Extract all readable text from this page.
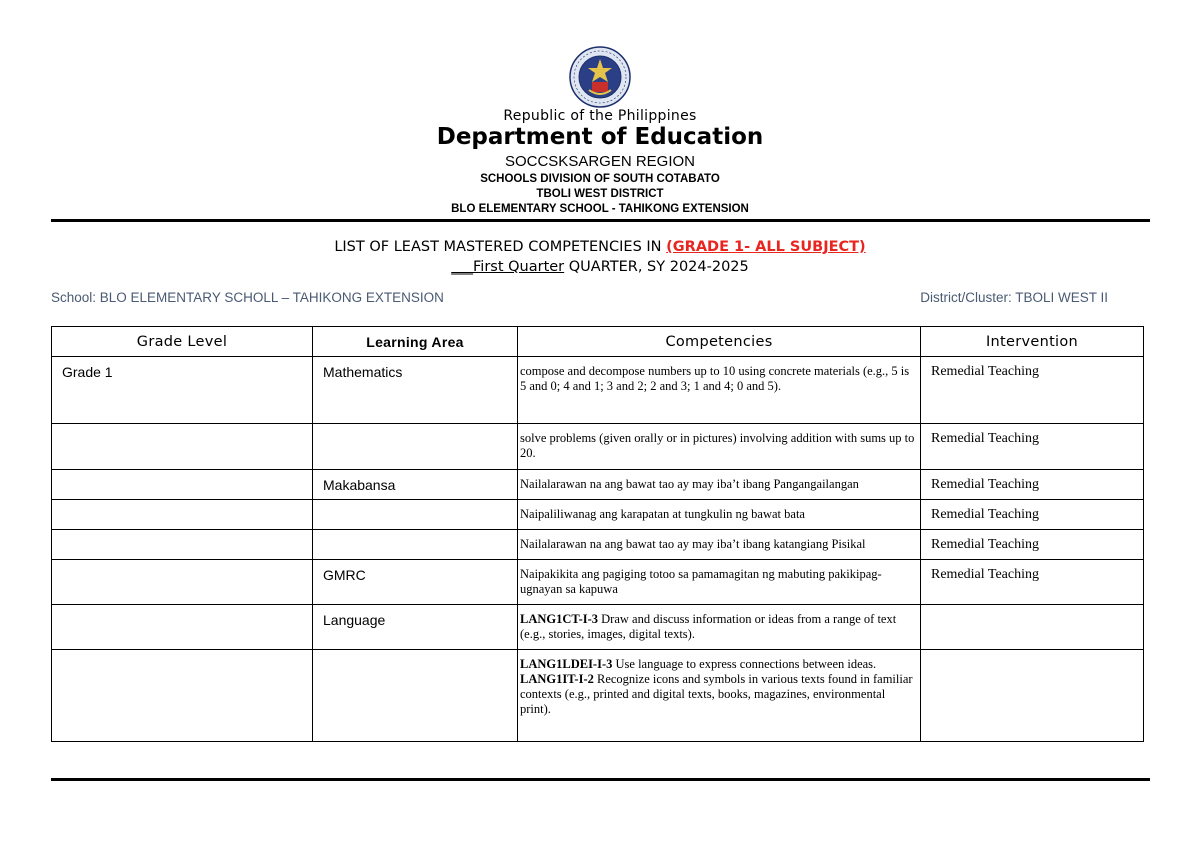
Republic of the Philippines
Department of Education
SOCCSKSARGEN REGION
SCHOOLS DIVISION OF SOUTH COTABATO
TBOLI WEST DISTRICT
BLO ELEMENTARY SCHOOL - TAHIKONG EXTENSION
LIST OF LEAST MASTERED COMPETENCIES IN (GRADE 1- ALL SUBJECT)
___First Quarter QUARTER, SY 2024-2025
School: BLO ELEMENTARY SCHOLL – TAHIKONG EXTENSION	District/Cluster: TBOLI WEST II
Grade Level	Learning Area	Competencies	Intervention
Grade 1	Mathematics	compose and decompose numbers up to 10 using concrete materials (e.g., 5 is 5 and 0; 4 and 1; 3 and 2; 2 and 3; 1 and 4; 0 and 5).	Remedial Teaching
		solve problems (given orally or in pictures) involving addition with sums up to 20.	Remedial Teaching
	Makabansa	Nailalarawan na ang bawat tao ay may iba’t ibang Pangangailangan	Remedial Teaching
		Naipaliliwanag ang karapatan at tungkulin ng bawat bata	Remedial Teaching
		Nailalarawan na ang bawat tao ay may iba’t ibang katangiang Pisikal	Remedial Teaching
	GMRC	Naipakikita ang pagiging totoo sa pamamagitan ng mabuting pakikipag-ugnayan sa kapuwa	Remedial Teaching
	Language	LANG1CT-I-3 Draw and discuss information or ideas from a range of text (e.g., stories, images, digital texts).	
		LANG1LDEI-I-3 Use language to express connections between ideas.
LANG1IT-I-2 Recognize icons and symbols in various texts found in familiar contexts (e.g., printed and digital texts, books, magazines, environmental print).	
